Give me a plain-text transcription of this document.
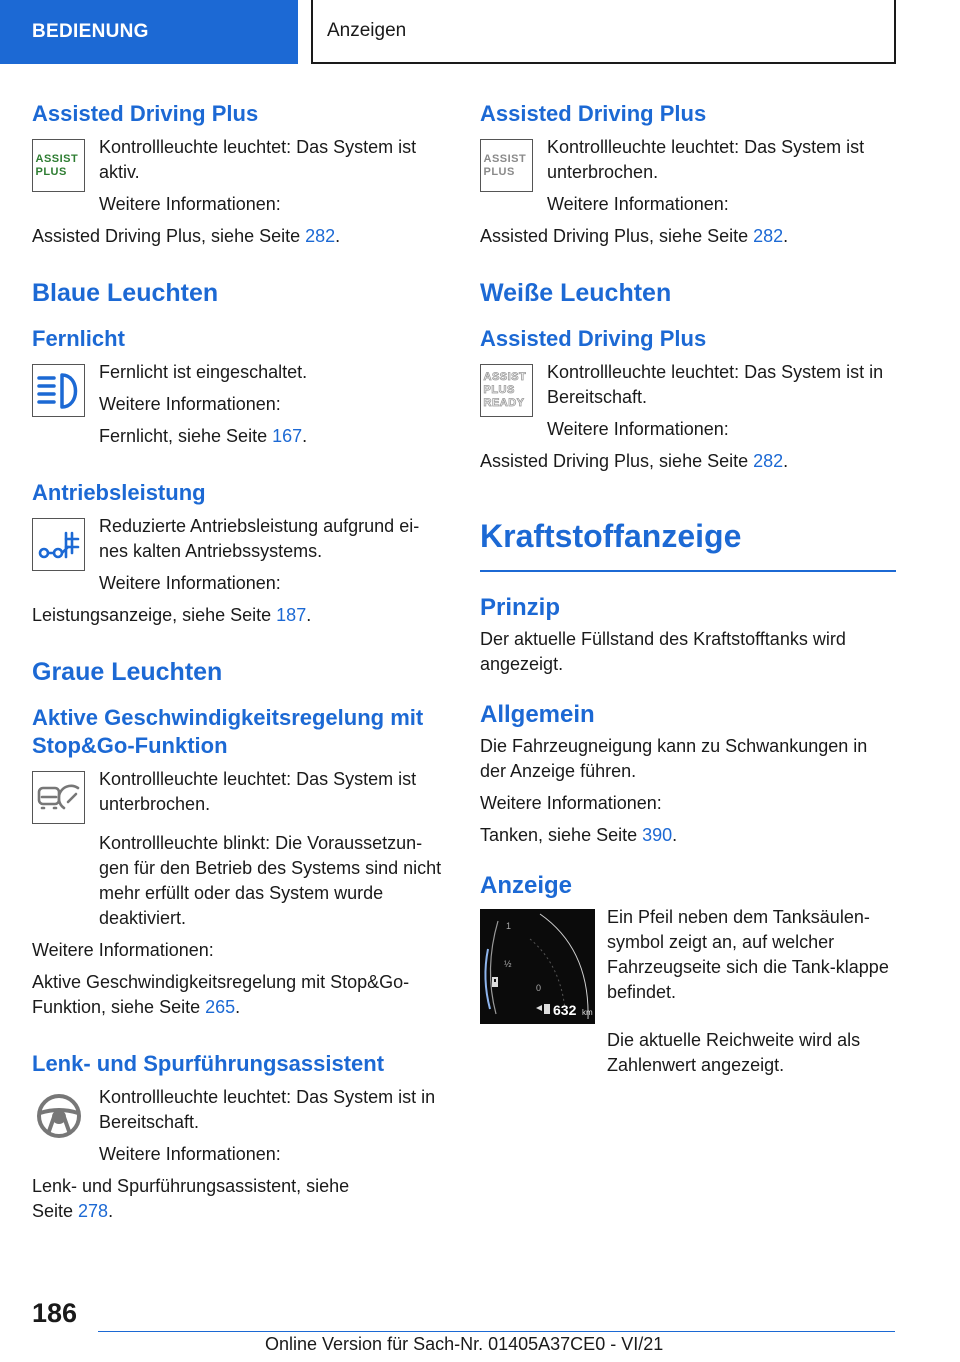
BEDIENUNG	Anzeigen
Assisted Driving Plus
ASSIST
PLUS

Kontrollleuchte leuchtet: Das System ist aktiv.

Weitere Informationen:

Assisted Driving Plus, siehe Seite 282.

Blaue Leuchten
Fernlicht

Fernlicht ist eingeschaltet.

Weitere Informationen:

Fernlicht, siehe Seite 167.

Antriebsleistung

Reduzierte Antriebsleistung aufgrund ei-nes kalten Antriebssystems.

Weitere Informationen:

Leistungsanzeige, siehe Seite 187.

Graue Leuchten
Aktive Geschwindigkeitsregelung mit Stop&Go-Funktion

Kontrollleuchte leuchtet: Das System ist unterbrochen.

Kontrollleuchte blinkt: Die Voraussetzun-gen für den Betrieb des Systems sind nicht mehr erfüllt oder das System wurde deaktiviert.

Weitere Informationen:

Aktive Geschwindigkeitsregelung mit Stop&Go-Funktion, siehe Seite 265.

Lenk- und Spurführungsassistent

Kontrollleuchte leuchtet: Das System ist in Bereitschaft.

Weitere Informationen:

Lenk- und Spurführungsassistent, siehe Seite 278.

Assisted Driving Plus
ASSIST
PLUS

Kontrollleuchte leuchtet: Das System ist unterbrochen.

Weitere Informationen:

Assisted Driving Plus, siehe Seite 282.

Weiße Leuchten
Assisted Driving Plus
ASSIST
PLUS
READY

Kontrollleuchte leuchtet: Das System ist in Bereitschaft.

Weitere Informationen:

Assisted Driving Plus, siehe Seite 282.

Kraftstoffanzeige
Prinzip

Der aktuelle Füllstand des Kraftstofftanks wird angezeigt.

Allgemein

Die Fahrzeugneigung kann zu Schwankungen in der Anzeige führen.

Weitere Informationen:

Tanken, siehe Seite 390.

Anzeige
1
½
0
632 km

Ein Pfeil neben dem Tanksäulen-symbol zeigt an, auf welcher Fahrzeugseite sich die Tank-klappe befindet.

Die aktuelle Reichweite wird als Zahlenwert angezeigt.

186
Online Version für Sach-Nr. 01405A37CE0 - VI/21
